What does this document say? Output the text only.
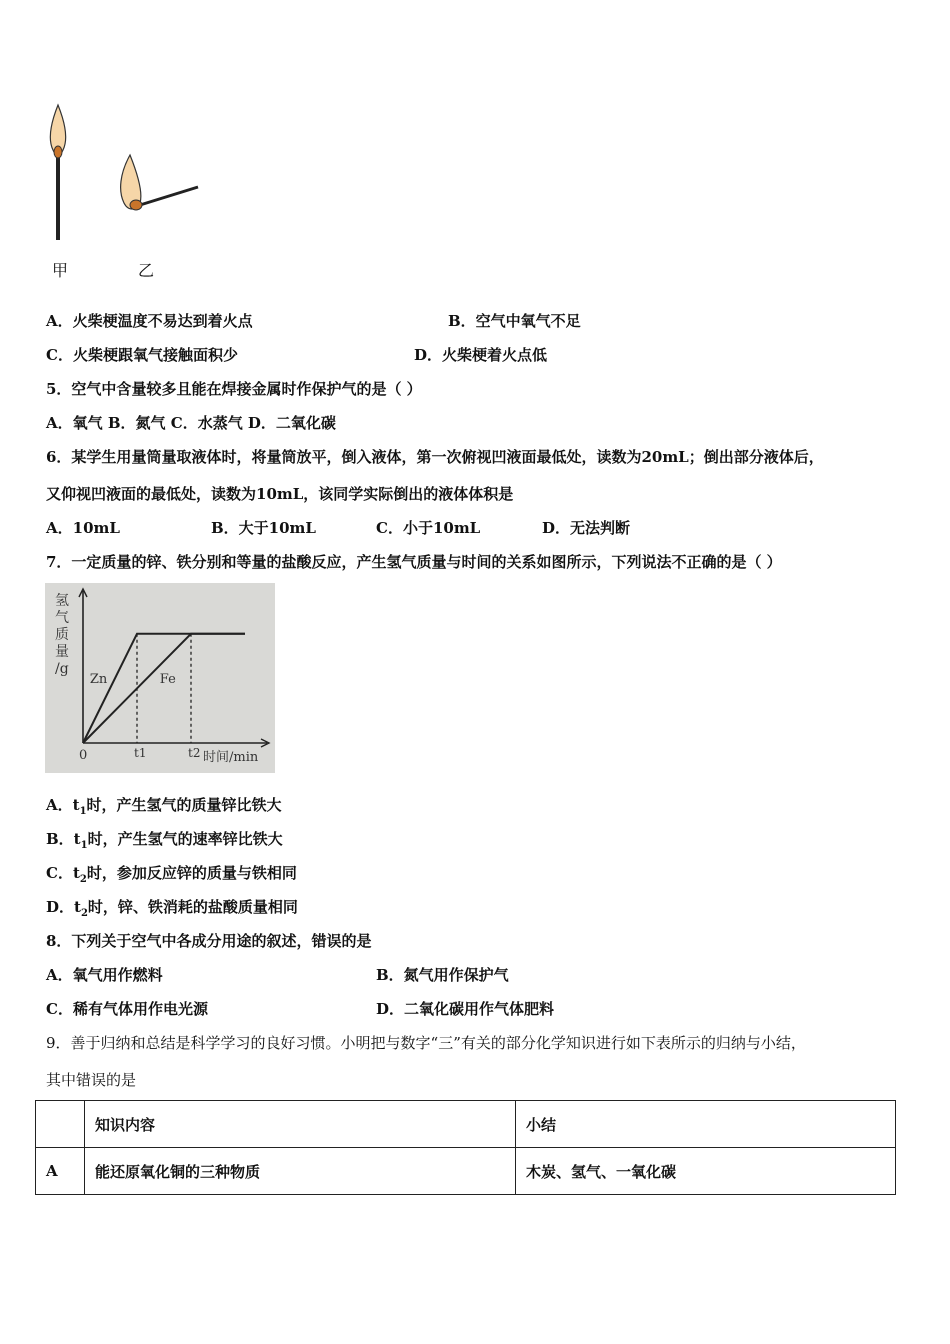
甲	乙
A．火柴梗温度不易达到着火点	B．空气中氧气不足
C．火柴梗跟氧气接触面积少	D．火柴梗着火点低
5．空气中含量较多且能在焊接金属时作保护气的是（ ）
A．氧气 B．氮气 C．水蒸气 D．二氧化碳
6．某学生用量筒量取液体时，将量筒放平，倒入液体，第一次俯视凹液面最低处，读数为20mL；倒出部分液体后，
又仰视凹液面的最低处，读数为10mL，该同学实际倒出的液体体积是
A．10mL	B．大于10mL	C．小于10mL	D．无法判断
7．一定质量的锌、铁分别和等量的盐酸反应，产生氢气质量与时间的关系如图所示，下列说法不正确的是（ ）
氢
气
质
量
/g
Zn	Fe
0	t1	t2 时间/min
A．$t_1$时，产生氢气的质量锌比铁大
B．$t_1$时，产生氢气的速率锌比铁大
C．$t_2$时，参加反应锌的质量与铁相同
D．$t_2$时，锌、铁消耗的盐酸质量相同
8．下列关于空气中各成分用途的叙述，错误的是
A．氧气用作燃料	B．氮气用作保护气
C．稀有气体用作电光源	D．二氧化碳用作气体肥料
9．善于归纳和总结是科学学习的良好习惯。小明把与数字“三”有关的部分化学知识进行如下表所示的归纳与小结，
其中错误的是
	知识内容	小结
A	能还原氧化铜的三种物质	木炭、氢气、一氧化碳
